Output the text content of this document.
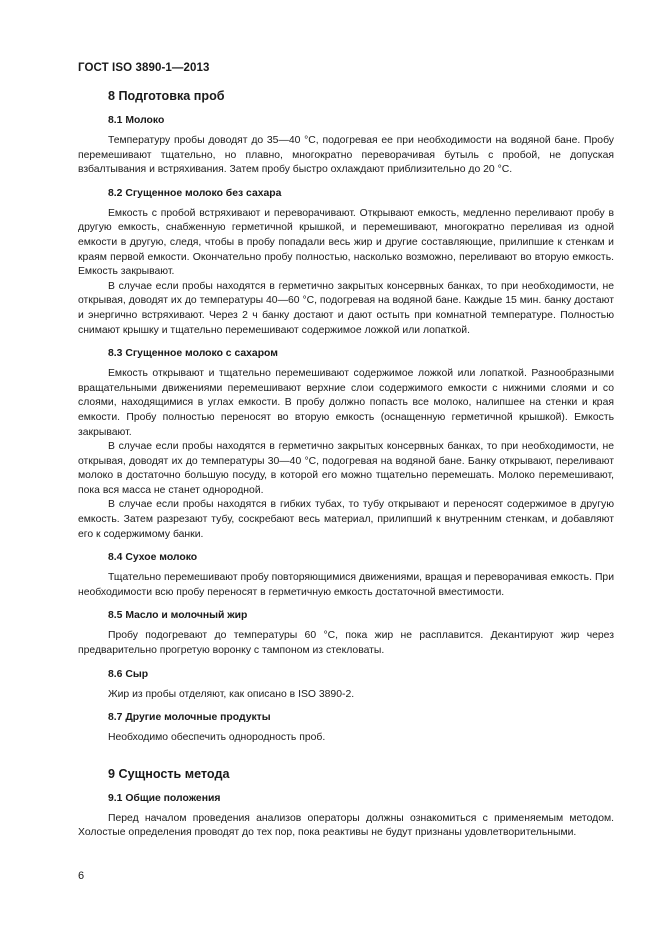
ГОСТ ISO 3890-1—2013
8 Подготовка проб
8.1 Молоко

Температуру пробы доводят до 35—40 °С, подогревая ее при необходимости на водяной бане. Пробу перемешивают тщательно, но плавно, многократно переворачивая бутыль с пробой, не допуская взбалтывания и встряхивания. Затем пробу быстро охлаждают приблизительно до 20 °С.

8.2 Сгущенное молоко без сахара

Емкость с пробой встряхивают и переворачивают. Открывают емкость, медленно переливают пробу в другую емкость, снабженную герметичной крышкой, и перемешивают, многократно переливая из одной емкости в другую, следя, чтобы в пробу попадали весь жир и другие составляющие, прилипшие к стенкам и краям первой емкости. Окончательно пробу полностью, насколько возможно, переливают во вторую емкость. Емкость закрывают.

В случае если пробы находятся в герметично закрытых консервных банках, то при необходимости, не открывая, доводят их до температуры 40—60 °С, подогревая на водяной бане. Каждые 15 мин. банку достают и энергично встряхивают. Через 2 ч банку достают и дают остыть при комнатной температуре. Полностью снимают крышку и тщательно перемешивают содержимое ложкой или лопаткой.

8.3 Сгущенное молоко с сахаром

Емкость открывают и тщательно перемешивают содержимое ложкой или лопаткой. Разнообразными вращательными движениями перемешивают верхние слои содержимого емкости с нижними слоями и со слоями, находящимися в углах емкости. В пробу должно попасть все молоко, налипшее на стенки и края емкости. Пробу полностью переносят во вторую емкость (оснащенную герметичной крышкой). Емкость закрывают.

В случае если пробы находятся в герметично закрытых консервных банках, то при необходимости, не открывая, доводят их до температуры 30—40 °С, подогревая на водяной бане. Банку открывают, переливают молоко в достаточно большую посуду, в которой его можно тщательно перемешать. Молоко перемешивают, пока вся масса не станет однородной.

В случае если пробы находятся в гибких тубах, то тубу открывают и переносят содержимое в другую емкость. Затем разрезают тубу, соскребают весь материал, прилипший к внутренним стенкам, и добавляют его к содержимому банки.

8.4 Сухое молоко

Тщательно перемешивают пробу повторяющимися движениями, вращая и переворачивая емкость. При необходимости всю пробу переносят в герметичную емкость достаточной вместимости.

8.5 Масло и молочный жир

Пробу подогревают до температуры 60 °С, пока жир не расплавится. Декантируют жир через предварительно прогретую воронку с тампоном из стекловаты.

8.6 Сыр

Жир из пробы отделяют, как описано в ISO 3890-2.

8.7 Другие молочные продукты

Необходимо обеспечить однородность проб.

9 Сущность метода
9.1 Общие положения

Перед началом проведения анализов операторы должны ознакомиться с применяемым методом. Холостые определения проводят до тех пор, пока реактивы не будут признаны удовлетворительными.

6
